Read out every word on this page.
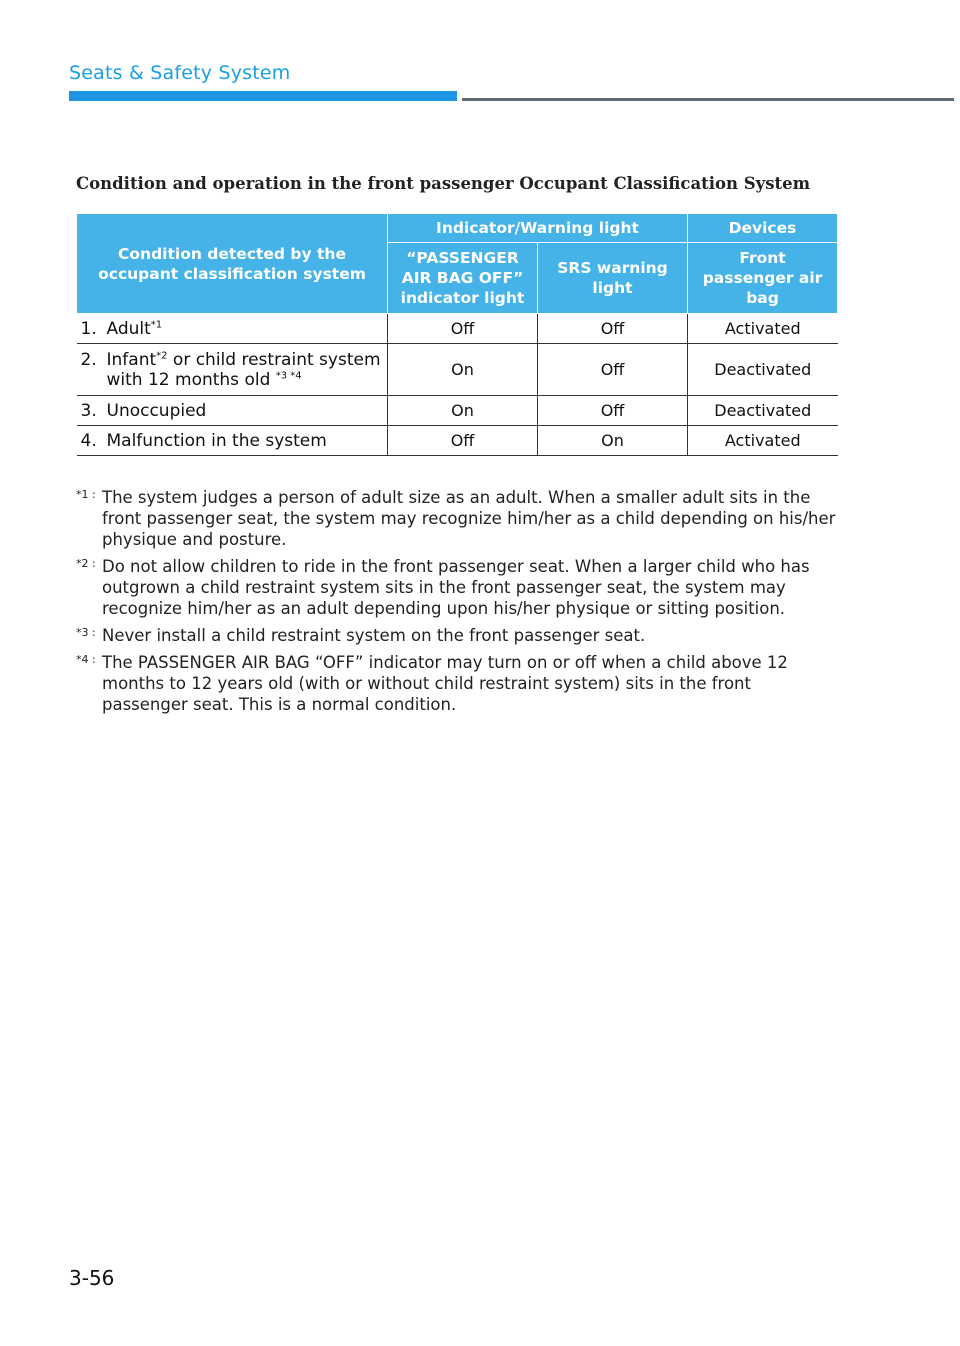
Seats & Safety System
Condition and operation in the front passenger Occupant Classification System
Condition detected by the occupant classification system	Indicator/Warning light		Devices
	“PASSENGER AIR BAG OFF” indicator light	SRS warning light	Front passenger air bag

1. Adult$^{*1}$	Off	Off	Activated

2. Infant$^{*2}$ or child restraint system with 12 months old $^{*3 *4}$	On	Off	Deactivated

3. Unoccupied	On	Off	Deactivated

4. Malfunction in the system	Off	On	Activated
*1 : The system judges a person of adult size as an adult. When a smaller adult sits in the front passenger seat, the system may recognize him/her as a child depending on his/her physique and posture.
*2 : Do not allow children to ride in the front passenger seat. When a larger child who has outgrown a child restraint system sits in the front passenger seat, the system may recognize him/her as an adult depending upon his/her physique or sitting position.
*3 : Never install a child restraint system on the front passenger seat.
*4 : The PASSENGER AIR BAG “OFF” indicator may turn on or off when a child above 12 months to 12 years old (with or without child restraint system) sits in the front passenger seat. This is a normal condition.
3-56
